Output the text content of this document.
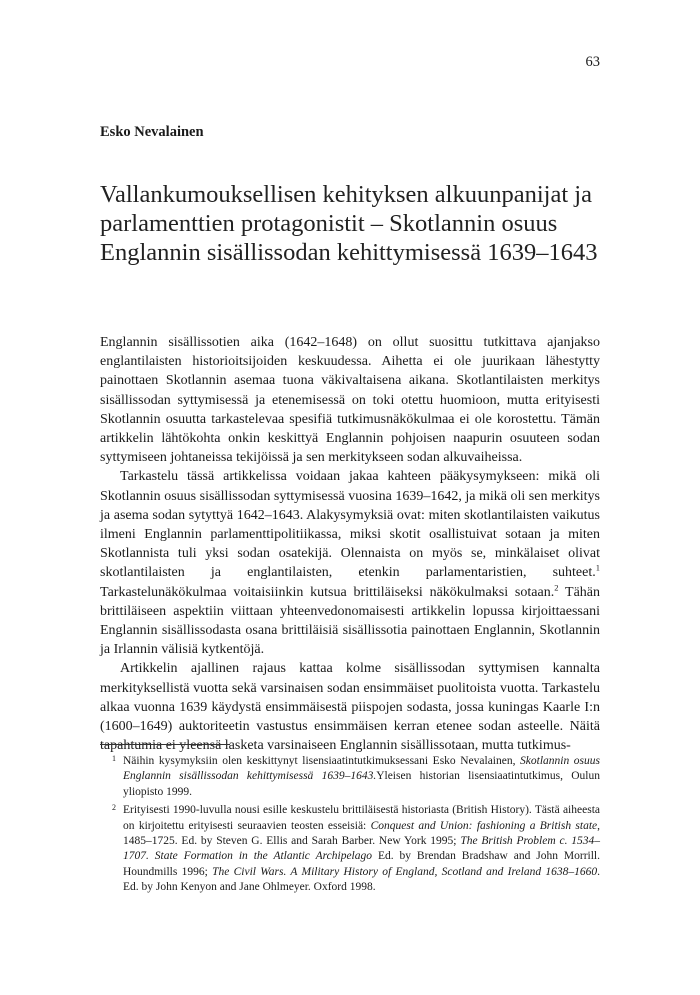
63
Esko Nevalainen
Vallankumouksellisen kehityksen alkuunpanijat ja parlamenttien protagonistit – Skotlannin osuus Englannin sisällissodan kehittymisessä 1639–1643

Englannin sisällissotien aika (1642–1648) on ollut suosittu tutkittava ajanjakso englantilaisten historioitsijoiden keskuudessa. Aihetta ei ole juurikaan lähestytty painottaen Skotlannin asemaa tuona väkivaltaisena aikana. Skotlantilaisten merkitys sisällissodan syttymisessä ja etenemisessä on toki otettu huomioon, mutta erityisesti Skotlannin osuutta tarkastelevaa spesifiä tutkimusnäkökulmaa ei ole korostettu. Tämän artikkelin lähtökohta onkin keskittyä Englannin pohjoisen naapurin osuuteen sodan syttymiseen johtaneissa tekijöissä ja sen merkitykseen sodan alkuvaiheissa.

Tarkastelu tässä artikkelissa voidaan jakaa kahteen pääkysymykseen: mikä oli Skotlannin osuus sisällissodan syttymisessä vuosina 1639–1642, ja mikä oli sen merkitys ja asema sodan sytyttyä 1642–1643. Alakysymyksiä ovat: miten skotlantilaisten vaikutus ilmeni Englannin parlamenttipolitiikassa, miksi skotit osallistuivat sotaan ja miten Skotlannista tuli yksi sodan osatekijä. Olennaista on myös se, minkälaiset olivat skotlantilaisten ja englantilaisten, etenkin parlamentaristien, suhteet.$^1$ Tarkastelunäkökulmaa voitaisiinkin kutsua brittiläiseksi näkökulmaksi sotaan.$^2$ Tähän brittiläiseen aspektiin viittaan yhteenvedonomaisesti artikkelin lopussa kirjoittaessani Englannin sisällissodasta osana brittiläisiä sisällissotia painottaen Englannin, Skotlannin ja Irlannin välisiä kytkentöjä.

Artikkelin ajallinen rajaus kattaa kolme sisällissodan syttymisen kannalta merkityksellistä vuotta sekä varsinaisen sodan ensimmäiset puolitoista vuotta. Tarkastelu alkaa vuonna 1639 käydystä ensimmäisestä piispojen sodasta, jossa kuningas Kaarle I:n (1600–1649) auktoriteetin vastustus ensimmäisen kerran etenee sodan asteelle. Näitä tapahtumia ei yleensä lasketa varsinaiseen Englannin sisällissotaan, mutta tutkimus-

1 Näihin kysymyksiin olen keskittynyt lisensiaatintutkimuksessani Esko Nevalainen, Skotlannin osuus Englannin sisällissodan kehittymisessä 1639–1643.Yleisen historian lisensiaatintutkimus, Oulun yliopisto 1999.
2 Erityisesti 1990-luvulla nousi esille keskustelu brittiläisestä historiasta (British History). Tästä aiheesta on kirjoitettu erityisesti seuraavien teosten esseisiä: Conquest and Union: fashioning a British state, 1485–1725. Ed. by Steven G. Ellis and Sarah Barber. New York 1995; The British Problem c. 1534–1707. State Formation in the Atlantic Archipelago Ed. by Brendan Bradshaw and John Morrill. Houndmills 1996; The Civil Wars. A Military History of England, Scotland and Ireland 1638–1660. Ed. by John Kenyon and Jane Ohlmeyer. Oxford 1998.
